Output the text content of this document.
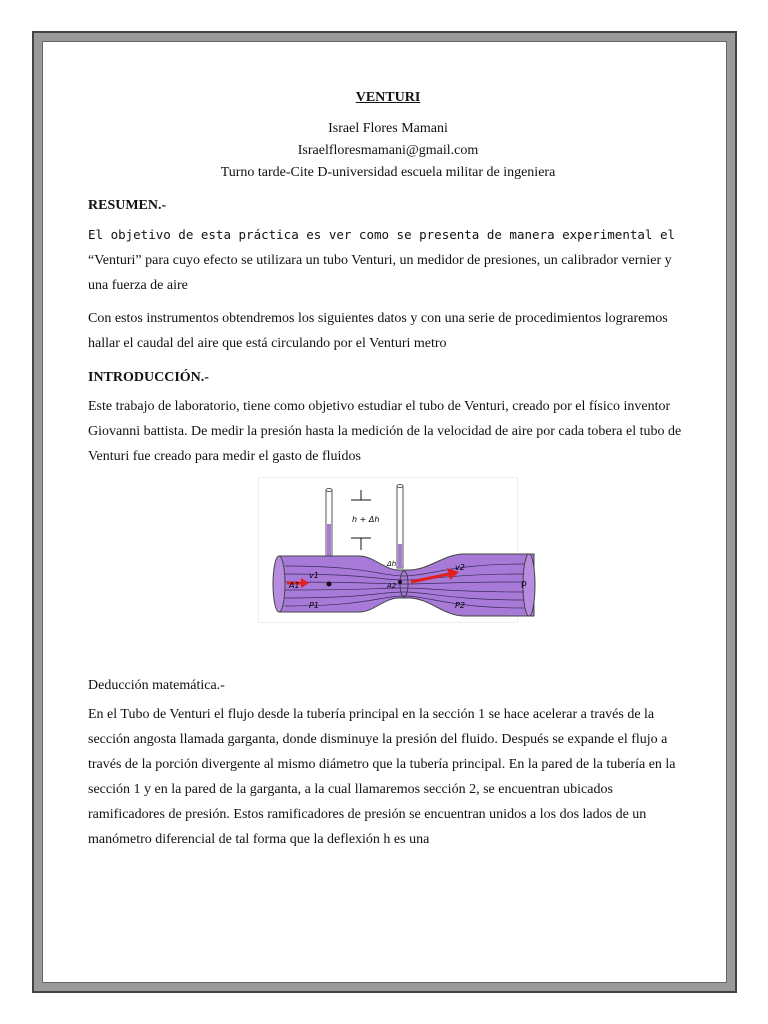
VENTURI

Israel Flores Mamani

Israelfloresmamani@gmail.com

Turno tarde-Cite D-universidad escuela militar de ingeniera

RESUMEN.-

El objetivo de esta práctica es ver como se presenta de manera experimental el “Venturi” para cuyo efecto se utilizara un tubo Venturi, un medidor de presiones, un calibrador vernier y una fuerza de aire

Con estos instrumentos obtendremos los siguientes datos y con una serie de procedimientos lograremos hallar el caudal del aire que está circulando por el Venturi metro

INTRODUCCIÓN.-

Este trabajo de laboratorio, tiene como objetivo estudiar el tubo de Venturi, creado por el físico inventor Giovanni battista. De medir la presión hasta la medición de la velocidad de aire por cada tobera el tubo de Venturi fue creado para medir el gasto de fluidos

h + Δh
Δh
v1
v2
A1	A2
P1	P2
ρ

Deducción matemática.-

En el Tubo de Venturi el flujo desde la tubería principal en la sección 1 se hace acelerar a través de la sección angosta llamada garganta, donde disminuye la presión del fluido. Después se expande el flujo a través de la porción divergente al mismo diámetro que la tubería principal. En la pared de la tubería en la sección 1 y en la pared de la garganta, a la cual llamaremos sección 2, se encuentran ubicados ramificadores de presión. Estos ramificadores de presión se encuentran unidos a los dos lados de un manómetro diferencial de tal forma que la deflexión h es una
